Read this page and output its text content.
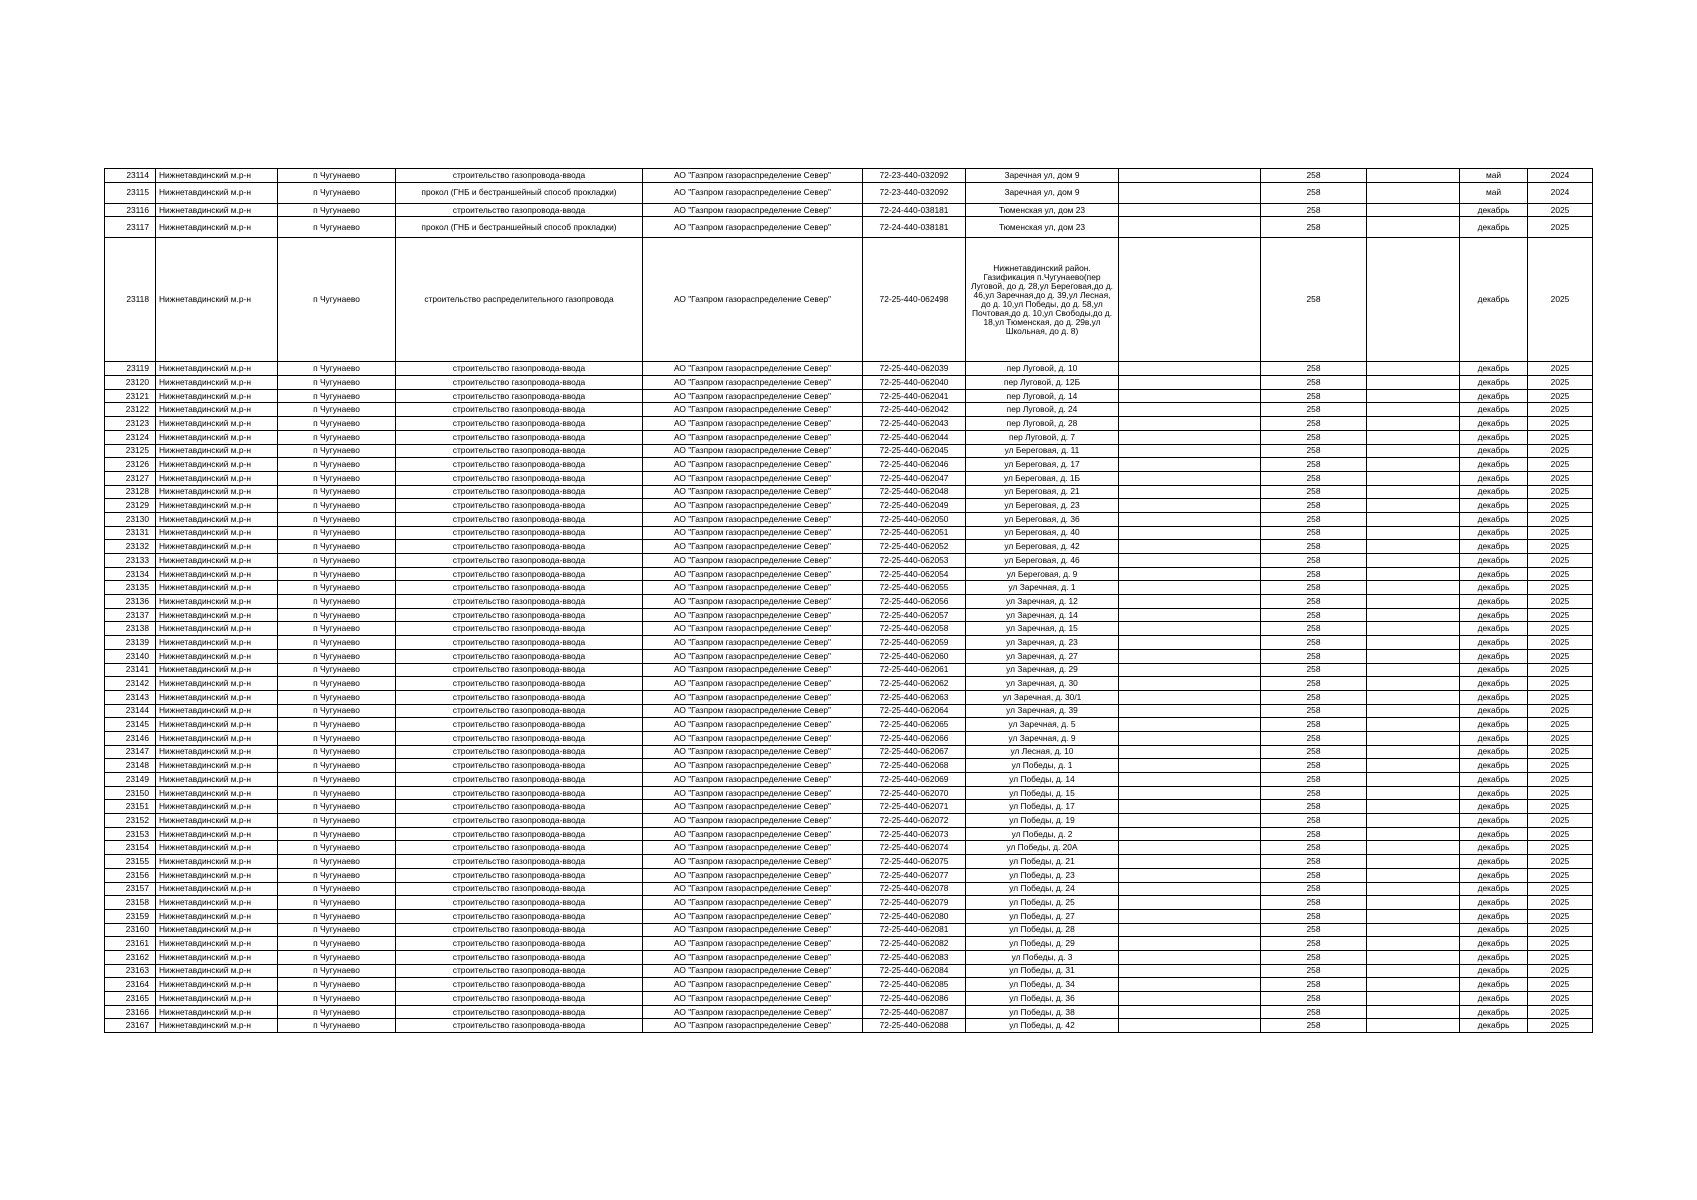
23114	Нижнетавдинский м.р-н	п Чугунаево	строительство газопровода-ввода	АО "Газпром газораспределение Север"	72-23-440-032092	Заречная ул, дом 9		258		май	2024
23115	Нижнетавдинский м.р-н	п Чугунаево	прокол (ГНБ и бестраншейный способ прокладки)	АО "Газпром газораспределение Север"	72-23-440-032092	Заречная ул, дом 9		258		май	2024
23116	Нижнетавдинский м.р-н	п Чугунаево	строительство газопровода-ввода	АО "Газпром газораспределение Север"	72-24-440-038181	Тюменская ул, дом 23		258		декабрь	2025
23117	Нижнетавдинский м.р-н	п Чугунаево	прокол (ГНБ и бестраншейный способ прокладки)	АО "Газпром газораспределение Север"	72-24-440-038181	Тюменская ул, дом 23		258		декабрь	2025
23118	Нижнетавдинский м.р-н	п Чугунаево	строительство распределительного газопровода	АО "Газпром газораспределение Север"	72-25-440-062498	Нижнетавдинский район. Газификация п.Чугунаево(пер Луговой, до д. 28,ул Береговая,до д. 46,ул Заречная,до д. 39,ул Лесная, до д. 10,ул Победы, до д. 58,ул Почтовая,до д. 10,ул Свободы,до д. 18,ул Тюменская, до д. 29в,ул Школьная, до д. 8)		258		декабрь	2025
23119	Нижнетавдинский м.р-н	п Чугунаево	строительство газопровода-ввода	АО "Газпром газораспределение Север"	72-25-440-062039	пер Луговой, д. 10		258		декабрь	2025
23120	Нижнетавдинский м.р-н	п Чугунаево	строительство газопровода-ввода	АО "Газпром газораспределение Север"	72-25-440-062040	пер Луговой, д. 12Б		258		декабрь	2025
23121	Нижнетавдинский м.р-н	п Чугунаево	строительство газопровода-ввода	АО "Газпром газораспределение Север"	72-25-440-062041	пер Луговой, д. 14		258		декабрь	2025
23122	Нижнетавдинский м.р-н	п Чугунаево	строительство газопровода-ввода	АО "Газпром газораспределение Север"	72-25-440-062042	пер Луговой, д. 24		258		декабрь	2025
23123	Нижнетавдинский м.р-н	п Чугунаево	строительство газопровода-ввода	АО "Газпром газораспределение Север"	72-25-440-062043	пер Луговой, д. 28		258		декабрь	2025
23124	Нижнетавдинский м.р-н	п Чугунаево	строительство газопровода-ввода	АО "Газпром газораспределение Север"	72-25-440-062044	пер Луговой, д. 7		258		декабрь	2025
23125	Нижнетавдинский м.р-н	п Чугунаево	строительство газопровода-ввода	АО "Газпром газораспределение Север"	72-25-440-062045	ул Береговая, д. 11		258		декабрь	2025
23126	Нижнетавдинский м.р-н	п Чугунаево	строительство газопровода-ввода	АО "Газпром газораспределение Север"	72-25-440-062046	ул Береговая, д. 17		258		декабрь	2025
23127	Нижнетавдинский м.р-н	п Чугунаево	строительство газопровода-ввода	АО "Газпром газораспределение Север"	72-25-440-062047	ул Береговая, д. 1Б		258		декабрь	2025
23128	Нижнетавдинский м.р-н	п Чугунаево	строительство газопровода-ввода	АО "Газпром газораспределение Север"	72-25-440-062048	ул Береговая, д. 21		258		декабрь	2025
23129	Нижнетавдинский м.р-н	п Чугунаево	строительство газопровода-ввода	АО "Газпром газораспределение Север"	72-25-440-062049	ул Береговая, д. 23		258		декабрь	2025
23130	Нижнетавдинский м.р-н	п Чугунаево	строительство газопровода-ввода	АО "Газпром газораспределение Север"	72-25-440-062050	ул Береговая, д. 36		258		декабрь	2025
23131	Нижнетавдинский м.р-н	п Чугунаево	строительство газопровода-ввода	АО "Газпром газораспределение Север"	72-25-440-062051	ул Береговая, д. 40		258		декабрь	2025
23132	Нижнетавдинский м.р-н	п Чугунаево	строительство газопровода-ввода	АО "Газпром газораспределение Север"	72-25-440-062052	ул Береговая, д. 42		258		декабрь	2025
23133	Нижнетавдинский м.р-н	п Чугунаево	строительство газопровода-ввода	АО "Газпром газораспределение Север"	72-25-440-062053	ул Береговая, д. 46		258		декабрь	2025
23134	Нижнетавдинский м.р-н	п Чугунаево	строительство газопровода-ввода	АО "Газпром газораспределение Север"	72-25-440-062054	ул Береговая, д. 9		258		декабрь	2025
23135	Нижнетавдинский м.р-н	п Чугунаево	строительство газопровода-ввода	АО "Газпром газораспределение Север"	72-25-440-062055	ул Заречная, д. 1		258		декабрь	2025
23136	Нижнетавдинский м.р-н	п Чугунаево	строительство газопровода-ввода	АО "Газпром газораспределение Север"	72-25-440-062056	ул Заречная, д. 12		258		декабрь	2025
23137	Нижнетавдинский м.р-н	п Чугунаево	строительство газопровода-ввода	АО "Газпром газораспределение Север"	72-25-440-062057	ул Заречная, д. 14		258		декабрь	2025
23138	Нижнетавдинский м.р-н	п Чугунаево	строительство газопровода-ввода	АО "Газпром газораспределение Север"	72-25-440-062058	ул Заречная, д. 15		258		декабрь	2025
23139	Нижнетавдинский м.р-н	п Чугунаево	строительство газопровода-ввода	АО "Газпром газораспределение Север"	72-25-440-062059	ул Заречная, д. 23		258		декабрь	2025
23140	Нижнетавдинский м.р-н	п Чугунаево	строительство газопровода-ввода	АО "Газпром газораспределение Север"	72-25-440-062060	ул Заречная, д. 27		258		декабрь	2025
23141	Нижнетавдинский м.р-н	п Чугунаево	строительство газопровода-ввода	АО "Газпром газораспределение Север"	72-25-440-062061	ул Заречная, д. 29		258		декабрь	2025
23142	Нижнетавдинский м.р-н	п Чугунаево	строительство газопровода-ввода	АО "Газпром газораспределение Север"	72-25-440-062062	ул Заречная, д. 30		258		декабрь	2025
23143	Нижнетавдинский м.р-н	п Чугунаево	строительство газопровода-ввода	АО "Газпром газораспределение Север"	72-25-440-062063	ул Заречная, д. 30/1		258		декабрь	2025
23144	Нижнетавдинский м.р-н	п Чугунаево	строительство газопровода-ввода	АО "Газпром газораспределение Север"	72-25-440-062064	ул Заречная, д. 39		258		декабрь	2025
23145	Нижнетавдинский м.р-н	п Чугунаево	строительство газопровода-ввода	АО "Газпром газораспределение Север"	72-25-440-062065	ул Заречная, д. 5		258		декабрь	2025
23146	Нижнетавдинский м.р-н	п Чугунаево	строительство газопровода-ввода	АО "Газпром газораспределение Север"	72-25-440-062066	ул Заречная, д. 9		258		декабрь	2025
23147	Нижнетавдинский м.р-н	п Чугунаево	строительство газопровода-ввода	АО "Газпром газораспределение Север"	72-25-440-062067	ул Лесная, д. 10		258		декабрь	2025
23148	Нижнетавдинский м.р-н	п Чугунаево	строительство газопровода-ввода	АО "Газпром газораспределение Север"	72-25-440-062068	ул Победы, д. 1		258		декабрь	2025
23149	Нижнетавдинский м.р-н	п Чугунаево	строительство газопровода-ввода	АО "Газпром газораспределение Север"	72-25-440-062069	ул Победы, д. 14		258		декабрь	2025
23150	Нижнетавдинский м.р-н	п Чугунаево	строительство газопровода-ввода	АО "Газпром газораспределение Север"	72-25-440-062070	ул Победы, д. 15		258		декабрь	2025
23151	Нижнетавдинский м.р-н	п Чугунаево	строительство газопровода-ввода	АО "Газпром газораспределение Север"	72-25-440-062071	ул Победы, д. 17		258		декабрь	2025
23152	Нижнетавдинский м.р-н	п Чугунаево	строительство газопровода-ввода	АО "Газпром газораспределение Север"	72-25-440-062072	ул Победы, д. 19		258		декабрь	2025
23153	Нижнетавдинский м.р-н	п Чугунаево	строительство газопровода-ввода	АО "Газпром газораспределение Север"	72-25-440-062073	ул Победы, д. 2		258		декабрь	2025
23154	Нижнетавдинский м.р-н	п Чугунаево	строительство газопровода-ввода	АО "Газпром газораспределение Север"	72-25-440-062074	ул Победы, д. 20А		258		декабрь	2025
23155	Нижнетавдинский м.р-н	п Чугунаево	строительство газопровода-ввода	АО "Газпром газораспределение Север"	72-25-440-062075	ул Победы, д. 21		258		декабрь	2025
23156	Нижнетавдинский м.р-н	п Чугунаево	строительство газопровода-ввода	АО "Газпром газораспределение Север"	72-25-440-062077	ул Победы, д. 23		258		декабрь	2025
23157	Нижнетавдинский м.р-н	п Чугунаево	строительство газопровода-ввода	АО "Газпром газораспределение Север"	72-25-440-062078	ул Победы, д. 24		258		декабрь	2025
23158	Нижнетавдинский м.р-н	п Чугунаево	строительство газопровода-ввода	АО "Газпром газораспределение Север"	72-25-440-062079	ул Победы, д. 25		258		декабрь	2025
23159	Нижнетавдинский м.р-н	п Чугунаево	строительство газопровода-ввода	АО "Газпром газораспределение Север"	72-25-440-062080	ул Победы, д. 27		258		декабрь	2025
23160	Нижнетавдинский м.р-н	п Чугунаево	строительство газопровода-ввода	АО "Газпром газораспределение Север"	72-25-440-062081	ул Победы, д. 28		258		декабрь	2025
23161	Нижнетавдинский м.р-н	п Чугунаево	строительство газопровода-ввода	АО "Газпром газораспределение Север"	72-25-440-062082	ул Победы, д. 29		258		декабрь	2025
23162	Нижнетавдинский м.р-н	п Чугунаево	строительство газопровода-ввода	АО "Газпром газораспределение Север"	72-25-440-062083	ул Победы, д. 3		258		декабрь	2025
23163	Нижнетавдинский м.р-н	п Чугунаево	строительство газопровода-ввода	АО "Газпром газораспределение Север"	72-25-440-062084	ул Победы, д. 31		258		декабрь	2025
23164	Нижнетавдинский м.р-н	п Чугунаево	строительство газопровода-ввода	АО "Газпром газораспределение Север"	72-25-440-062085	ул Победы, д. 34		258		декабрь	2025
23165	Нижнетавдинский м.р-н	п Чугунаево	строительство газопровода-ввода	АО "Газпром газораспределение Север"	72-25-440-062086	ул Победы, д. 36		258		декабрь	2025
23166	Нижнетавдинский м.р-н	п Чугунаево	строительство газопровода-ввода	АО "Газпром газораспределение Север"	72-25-440-062087	ул Победы, д. 38		258		декабрь	2025
23167	Нижнетавдинский м.р-н	п Чугунаево	строительство газопровода-ввода	АО "Газпром газораспределение Север"	72-25-440-062088	ул Победы, д. 42		258		декабрь	2025
